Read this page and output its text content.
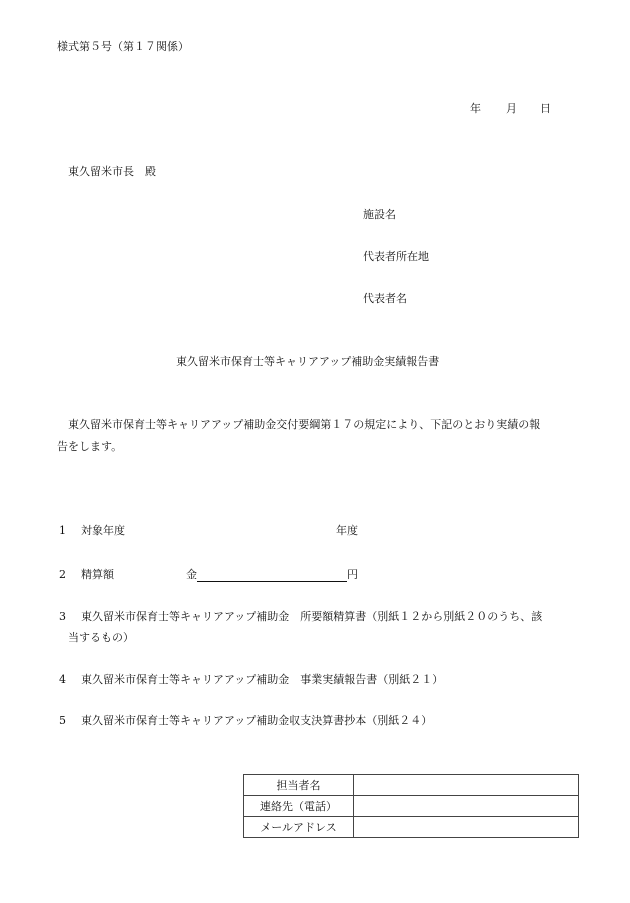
様式第５号（第１７関係）
年 月 日
東久留米市長　殿
施設名
代表者所在地
代表者名
東久留米市保育士等キャリアアップ補助金実績報告書
東久留米市保育士等キャリアアップ補助金交付要綱第１７の規定により、下記のとおり実績の報
告をします。
1 対象年度	年度
2 精算額	金	円
3 東久留米市保育士等キャリアアップ補助金　所要額精算書（別紙１２から別紙２０のうち、該
当するもの）
4 東久留米市保育士等キャリアアップ補助金　事業実績報告書（別紙２１）
5 東久留米市保育士等キャリアアップ補助金収支決算書抄本（別紙２４）
担当者名	
連絡先（電話）	
メールアドレス	
